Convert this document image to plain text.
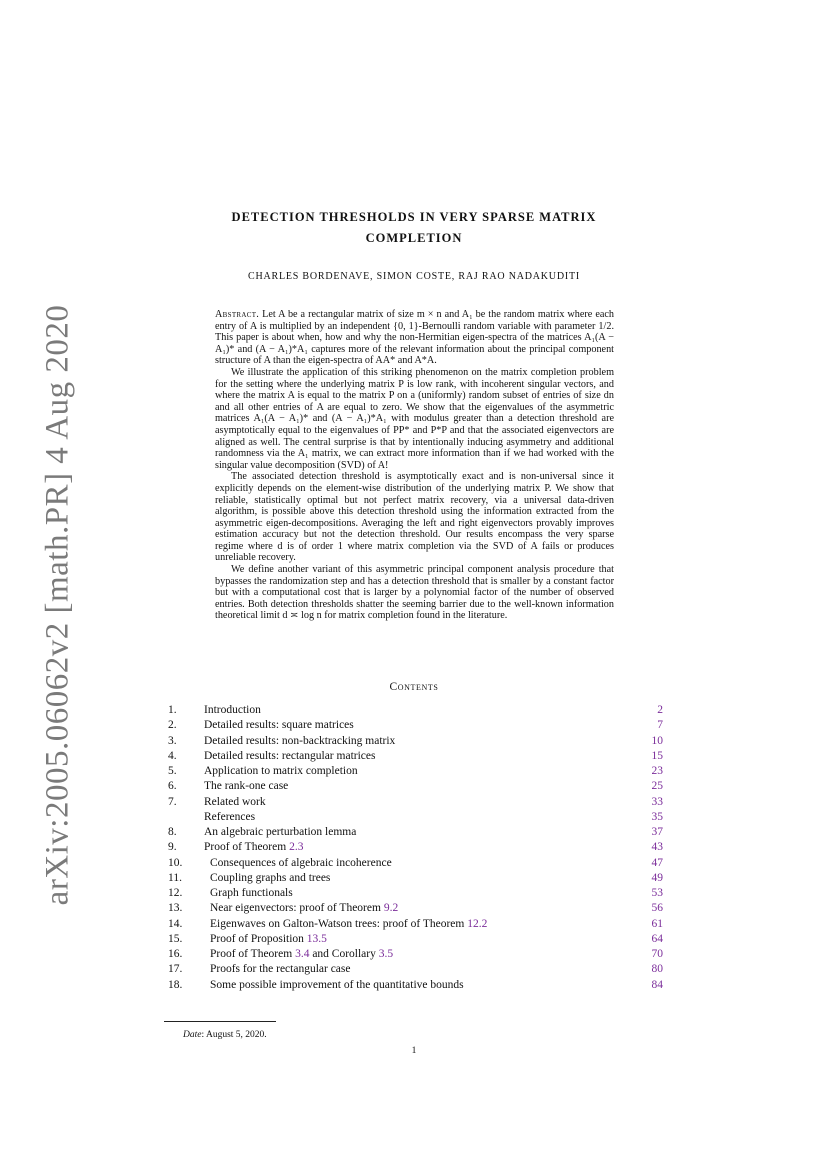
arXiv:2005.06062v2 [math.PR] 4 Aug 2020
DETECTION THRESHOLDS IN VERY SPARSE MATRIX
COMPLETION
CHARLES BORDENAVE, SIMON COSTE, RAJ RAO NADAKUDITI

Abstract. Let A be a rectangular matrix of size m × n and A₁ be the random matrix where each entry of A is multiplied by an independent {0, 1}-Bernoulli random variable with parameter 1/2. This paper is about when, how and why the non-Hermitian eigen-spectra of the matrices A₁(A − A₁)* and (A − A₁)*A₁ captures more of the relevant information about the principal component structure of A than the eigen-spectra of AA* and A*A.

We illustrate the application of this striking phenomenon on the matrix completion problem for the setting where the underlying matrix P is low rank, with incoherent singular vectors, and where the matrix A is equal to the matrix P on a (uniformly) random subset of entries of size dn and all other entries of A are equal to zero. We show that the eigenvalues of the asymmetric matrices A₁(A − A₁)* and (A − A₁)*A₁ with modulus greater than a detection threshold are asymptotically equal to the eigenvalues of PP* and P*P and that the associated eigenvectors are aligned as well. The central surprise is that by intentionally inducing asymmetry and additional randomness via the A₁ matrix, we can extract more information than if we had worked with the singular value decomposition (SVD) of A!

The associated detection threshold is asymptotically exact and is non-universal since it explicitly depends on the element-wise distribution of the underlying matrix P. We show that reliable, statistically optimal but not perfect matrix recovery, via a universal data-driven algorithm, is possible above this detection threshold using the information extracted from the asymmetric eigen-decompositions. Averaging the left and right eigenvectors provably improves estimation accuracy but not the detection threshold. Our results encompass the very sparse regime where d is of order 1 where matrix completion via the SVD of A fails or produces unreliable recovery.

We define another variant of this asymmetric principal component analysis procedure that bypasses the randomization step and has a detection threshold that is smaller by a constant factor but with a computational cost that is larger by a polynomial factor of the number of observed entries. Both detection thresholds shatter the seeming barrier due to the well-known information theoretical limit d ≍ log n for matrix completion found in the literature.

Contents
1. Introduction	2
2. Detailed results: square matrices	7
3. Detailed results: non-backtracking matrix	10
4. Detailed results: rectangular matrices	15
5. Application to matrix completion	23
6. The rank-one case	25
7. Related work	33
References	35
8. An algebraic perturbation lemma	37
9. Proof of Theorem 2.3	43
10. Consequences of algebraic incoherence	47
11. Coupling graphs and trees	49
12. Graph functionals	53
13. Near eigenvectors: proof of Theorem 9.2	56
14. Eigenwaves on Galton-Watson trees: proof of Theorem 12.2	61
15. Proof of Proposition 13.5	64
16. Proof of Theorem 3.4 and Corollary 3.5	70
17. Proofs for the rectangular case	80
18. Some possible improvement of the quantitative bounds	84
Date: August 5, 2020.
1
